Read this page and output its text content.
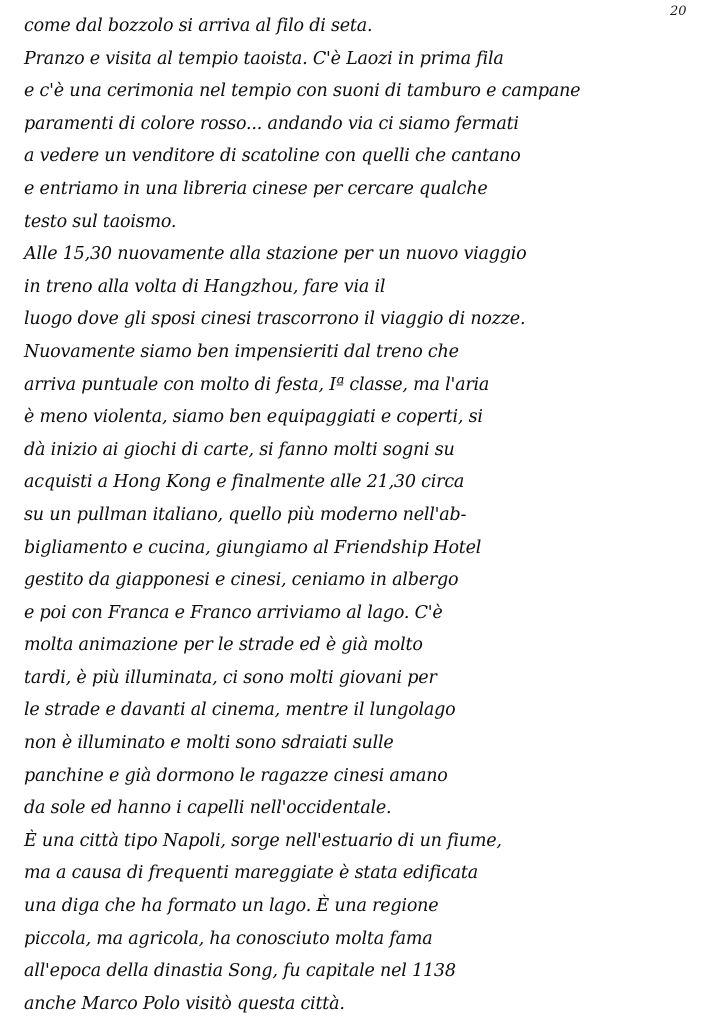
20
come dal bozzolo si arriva al filo di seta.
Pranzo e visita al tempio taoista. C'è Laozi in prima fila
e c'è una cerimonia nel tempio con suoni di tamburo e campane
paramenti di colore rosso... andando via ci siamo fermati
a vedere un venditore di scatoline con quelli che cantano
e entriamo in una libreria cinese per cercare qualche
testo sul taoismo.
Alle 15,30 nuovamente alla stazione per un nuovo viaggio
in treno alla volta di Hangzhou, fare via il
luogo dove gli sposi cinesi trascorrono il viaggio di nozze.
Nuovamente siamo ben impensieriti dal treno che
arriva puntuale con molto di festa, Iª classe, ma l'aria
è meno violenta, siamo ben equipaggiati e coperti, si
dà inizio ai giochi di carte, si fanno molti sogni su
acquisti a Hong Kong e finalmente alle 21,30 circa
su un pullman italiano, quello più moderno nell'ab-
bigliamento e cucina, giungiamo al Friendship Hotel
gestito da giapponesi e cinesi, ceniamo in albergo
e poi con Franca e Franco arriviamo al lago. C'è
molta animazione per le strade ed è già molto
tardi, è più illuminata, ci sono molti giovani per
le strade e davanti al cinema, mentre il lungolago
non è illuminato e molti sono sdraiati sulle
panchine e già dormono le ragazze cinesi amano
da sole ed hanno i capelli nell'occidentale.
È una città tipo Napoli, sorge nell'estuario di un fiume,
ma a causa di frequenti mareggiate è stata edificata
una diga che ha formato un lago. È una regione
piccola, ma agricola, ha conosciuto molta fama
all'epoca della dinastia Song, fu capitale nel 1138
anche Marco Polo visitò questa città.
